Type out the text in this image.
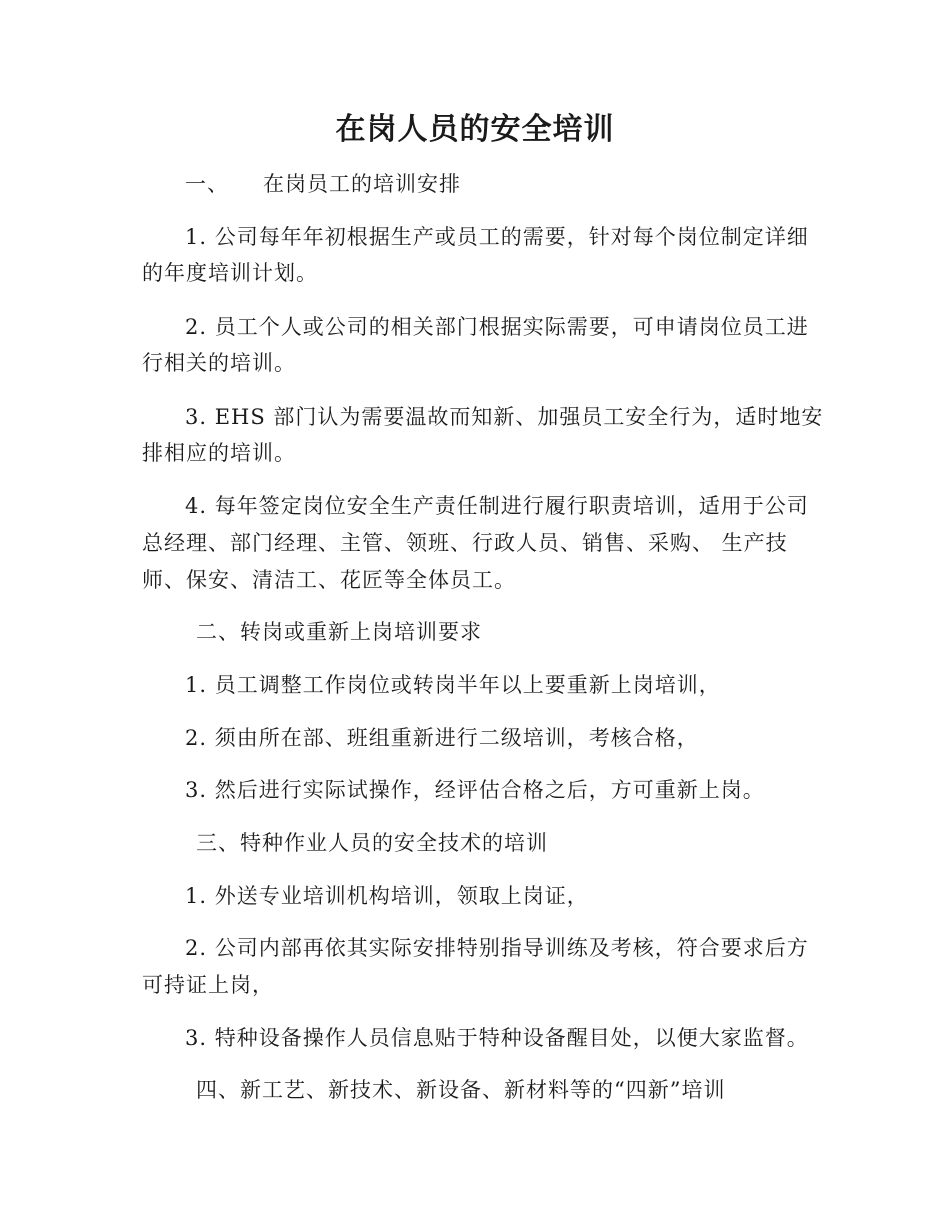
在岗人员的安全培训
一、 在岗员工的培训安排
1. 公司每年年初根据生产或员工的需要，针对每个岗位制定详细
的年度培训计划。
2. 员工个人或公司的相关部门根据实际需要，可申请岗位员工进
行相关的培训。
3. EHS 部门认为需要温故而知新、加强员工安全行为，适时地安
排相应的培训。
4. 每年签定岗位安全生产责任制进行履行职责培训，适用于公司
总经理、部门经理、主管、领班、行政人员、销售、采购、 生产技
师、保安、清洁工、花匠等全体员工。
二、转岗或重新上岗培训要求
1. 员工调整工作岗位或转岗半年以上要重新上岗培训，
2. 须由所在部、班组重新进行二级培训，考核合格，
3. 然后进行实际试操作，经评估合格之后，方可重新上岗。
三、特种作业人员的安全技术的培训
1. 外送专业培训机构培训，领取上岗证，
2. 公司内部再依其实际安排特别指导训练及考核，符合要求后方
可持证上岗，
3. 特种设备操作人员信息贴于特种设备醒目处，以便大家监督。
四、新工艺、新技术、新设备、新材料等的“四新”培训
